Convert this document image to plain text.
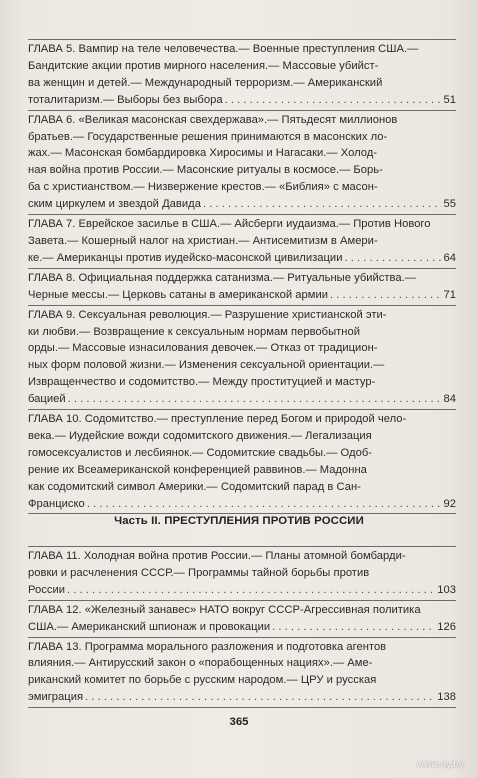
ГЛАВА 5. Вампир на теле человечества.— Военные преступления США.—
Бандитские акции против мирного населения.— Массовые убийст-
ва женщин и детей.— Международный терроризм.— Американский
тоталитаризм.— Выборы без выбора . . .	51
ГЛАВА 6. «Великая масонская свехдержава».— Пятьдесят миллионов
братьев.— Государственные решения принимаются в масонских ло-
жах.— Масонская бомбардировка Хиросимы и Нагасаки.— Холод-
ная война против России.— Масонские ритуалы в космосе.— Борь-
ба с христианством.— Низвержение крестов.— «Библия» с масон-
ским циркулем и звездой Давида . . .	55
ГЛАВА 7. Еврейское засилье в США.— Айсберги иудаизма.— Против Нового
Завета.— Кошерный налог на христиан.— Антисемитизм в Амери-
ке.— Американцы против иудейско-масонской цивилизации . . .	64
ГЛАВА 8. Официальная поддержка сатанизма.— Ритуальные убийства.—
Черные мессы.— Церковь сатаны в американской армии . . .	71
ГЛАВА 9. Сексуальная революция.— Разрушение христианской эти-
ки любви.— Возвращение к сексуальным нормам первобытной
орды.— Массовые изнасилования девочек.— Отказ от традицион-
ных форм половой жизни.— Изменения сексуальной ориентации.—
Извращенчество и содомитство.— Между проституцией и мастур-
бацией . . .	84
ГЛАВА 10. Содомитство.— преступление перед Богом и природой чело-
века.— Иудейские вожди содомитского движения.— Легализация
гомосексуалистов и лесбиянок.— Содомитские свадьбы.— Одоб-
рение их Всеамериканской конференцией раввинов.— Мадонна
как содомитский символ Америки.— Содомитский парад в Сан-
Франциско . . .	92
Часть II. ПРЕСТУПЛЕНИЯ ПРОТИВ РОССИИ
ГЛАВА 11. Холодная война против России.— Планы атомной бомбарди-
ровки и расчленения СССР.— Программы тайной борьбы против
России . . .	103
ГЛАВА 12. «Железный занавес» НАТО вокруг СССР-Агрессивная политика
США.— Американский шпионаж и провокации . . .	126
ГЛАВА 13. Программа морального разложения и подготовка агентов
влияния.— Антирусский закон о «порабощенных нациях».— Аме-
риканский комитет по борьбе с русским народом.— ЦРУ и русская
эмиграция . . .	138
365
www.ay.by
